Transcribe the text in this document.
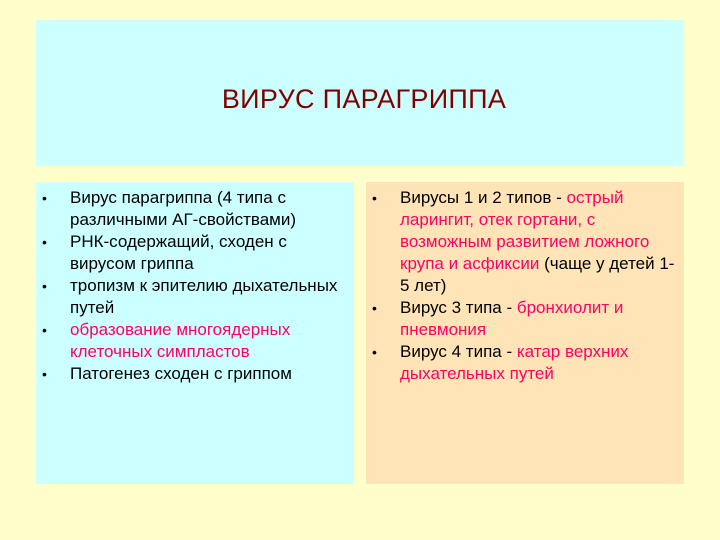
ВИРУС ПАРАГРИППА
• Вирус парагриппа (4 типа с различными АГ-свойствами)
• РНК-содержащий, сходен с вирусом гриппа
• тропизм к эпителию дыхательных путей
• образование многоядерных клеточных симпластов
• Патогенез сходен с гриппом
• Вирусы 1 и 2 типов - острый ларингит, отек гортани, с возможным развитием ложного крупа и асфиксии (чаще у детей 1-5 лет)
• Вирус 3 типа - бронхиолит и пневмония
• Вирус 4 типа - катар верхних дыхательных путей
